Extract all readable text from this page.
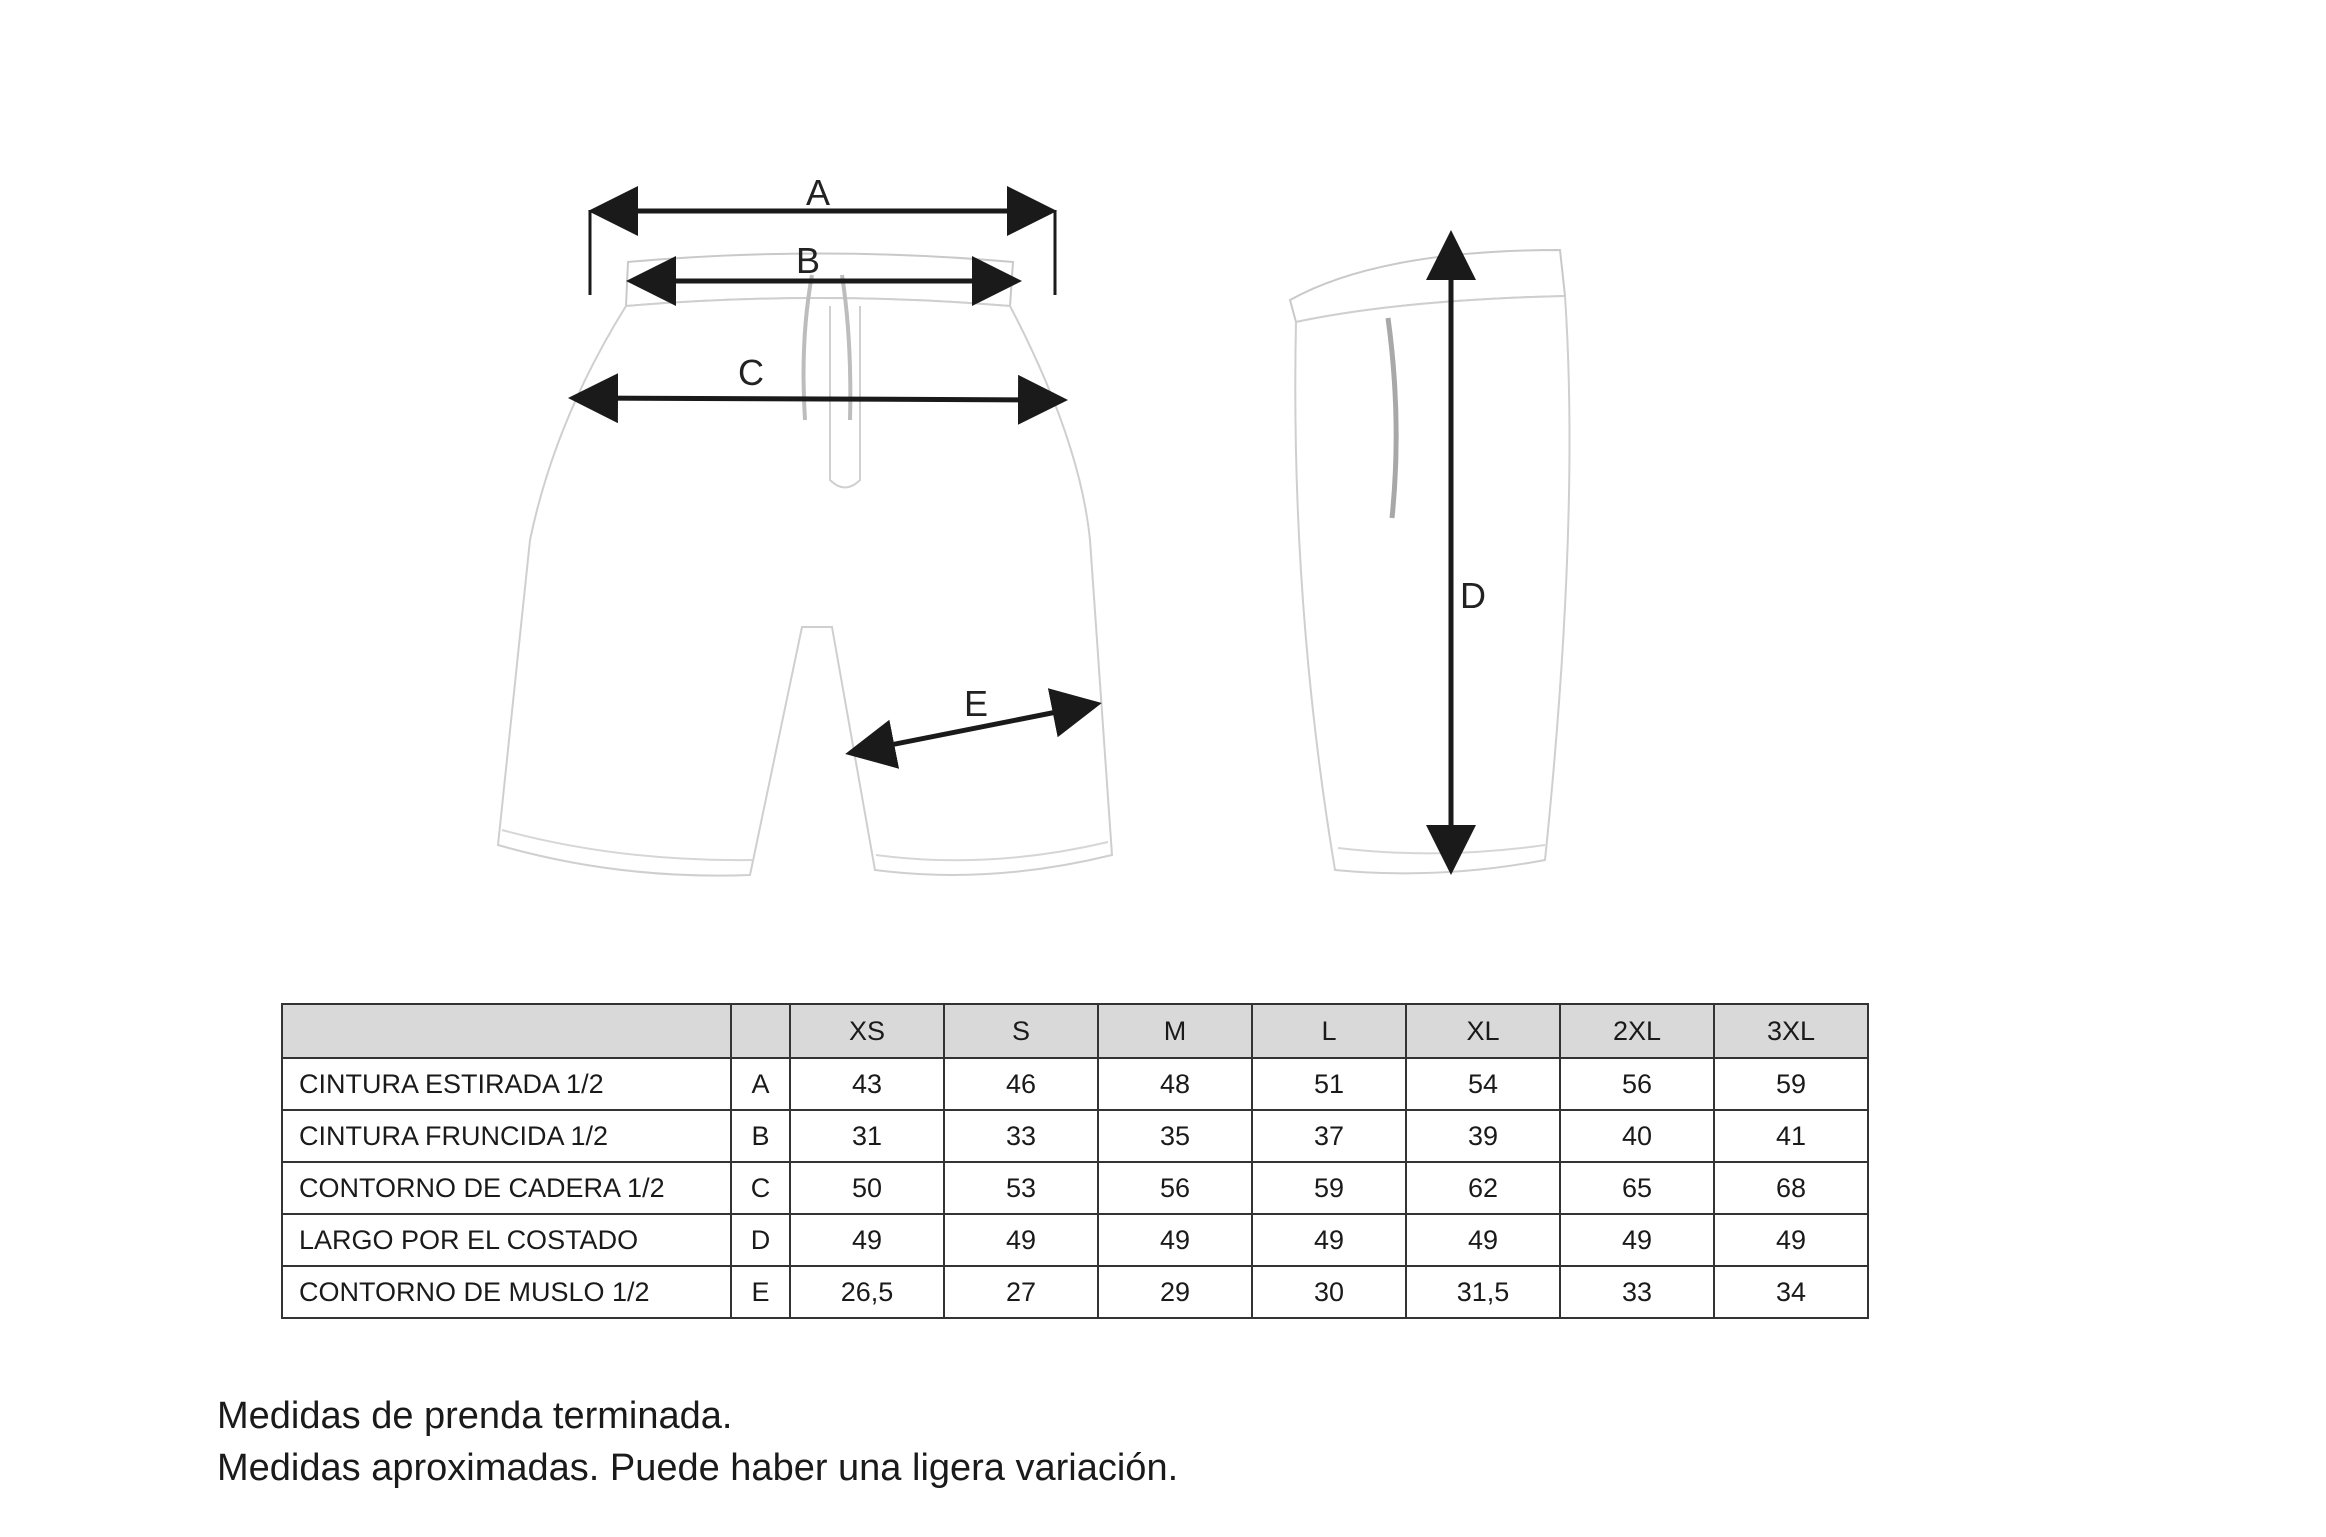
A
B
C
E
D
		XS	S	M	L	XL	2XL	3XL
CINTURA ESTIRADA 1/2	A	43	46	48	51	54	56	59
CINTURA FRUNCIDA 1/2	B	31	33	35	37	39	40	41
CONTORNO DE CADERA 1/2	C	50	53	56	59	62	65	68
LARGO POR EL COSTADO	D	49	49	49	49	49	49	49
CONTORNO DE MUSLO 1/2	E	26,5	27	29	30	31,5	33	34
Medidas de prenda terminada.
Medidas aproximadas. Puede haber una ligera variación.
